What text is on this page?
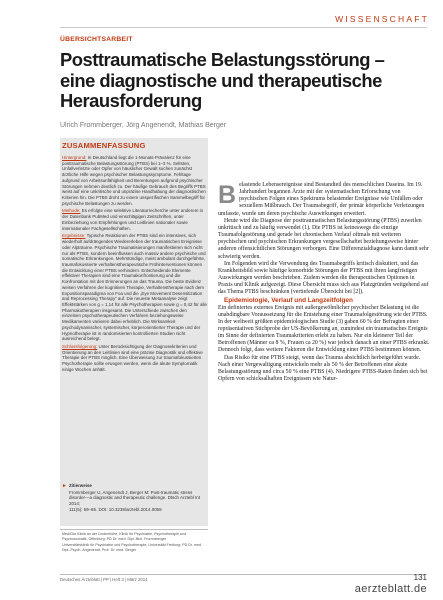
WISSENSCHAFT
ÜBERSICHTSARBEIT
Posttraumatische Belastungsstörung –
eine diagnostische und therapeutische
Herausforderung
Ulrich Frommberger, Jörg Angenendt, Mathias Berger
ZUSAMMENFASSUNG

Hintergrund: In Deutschland liegt die 1-Monats-Prävalenz für eine posttraumatische Belastungsstörung (PTBS) bei 1–3 %. Seltsten, Unfallverletzte oder Opfer von häuslicher Gewalt suchen zunächst ärztliche Hilfe wegen psychischer Belastungssymptome. Fehltage aufgrund von Arbeitsunfähigkeit und Berentungen aufgrund psychischer Störungen nehmen deutlich zu. Der häufige Gebrauch des Begriffs PTBS weist auf eine unkritische und unpräzise Handhabung der diagnostischen Kriterien hin. Die PTBS droht zu einem unspezifischen Sammelbegriff für psychische Belastungen zu werden.

Methode: Es erfolgte eine selektive Literaturrecherche unter anderem in der Datenbank PubMed und einschlägigen Zeitschriften, unter Einbeziehung von Empfehlungen und Leitlinien nationaler sowie internationaler Fachgesellschaften.

Ergebnisse: Typische Reaktionen der PTBS sind ein intensives, sich wiederholt aufdrängendes Wiedererleben der traumatischen Ereignisse oder Alpträume. Psychische Traumatisierungen manifestieren sich nicht nur als PTBS, sondern beeinflussen auch massiv andere psychische und somatische Erkrankungen. Mehrstündige, meist ambulant durchgeführte, traumafokussierte verhaltenstherapeutische Frühinterventionen können die Entwicklung einer PTBS verhindern. Entscheidende Elemente effektiver Therapien sind eine Traumakonfrontierung und die Konfrontation mit den Erinnerungen an das Trauma. Die beste Evidenz weisen Verfahren der kognitiven Therapie, Verhaltenstherapie nach dem Expositionsparadigma von Foa und die „Eye Movement Desensitization and Reprocessing Therapy“ auf. Die neueste Metaanalyse zeigt Effektstärken von g = 1,14 für alle Psychotherapien sowie g = 0,42 für alle Pharmakotherapien insgesamt. Die Unterschiede zwischen den einzelnen psychotherapeutischen Verfahren beziehungsweise Medikamenten variieren dabei erheblich. Die Wirksamkeit psychodynamischer, systemischer, körperorientierter Therapie und der Hypnotherapie ist in randomisierten kontrollierten Studien nicht ausreichend belegt.

Schlussfolgerung: Unter Berücksichtigung der Diagnosekriterien und Orientierung an den Leitlinien sind eine präzise Diagnostik und effektive Therapie der PTBS möglich. Eine Überweisung zur traumafokussierten Psychotherapie sollte erwogen werden, wenn die akute Symptomatik einige Wochen anhält.

► Zitierweise
Frommberger U, Angenendt J, Berger M: Post-traumatic stress
disorder—a diagnostic and therapeutic challenge. Dtsch Arztebl Int 2014;
111(5): 59–65. DOI: 10.3238/arztebl.2014.0059

MediClin Klinik an der Lindenhöhe, Klinik für Psychiatrie, Psychotherapie und Psychosomatik, Offenburg: PD Dr. med. Dipl.-Biol. Frommberger

Universitätsklinik für Psychiatrie und Psychotherapie, Universität Freiburg: PD Dr. med. Dipl.-Psych. Angenendt, Prof. Dr. med. Berger

Belastende Lebensereignisse sind Bestandteil des menschlichen Daseins. Im 19. Jahrhundert begannen Ärzte mit der systematischen Erforschung von psychischen Folgen eines Spektrums belastender Ereignisse wie Unfällen oder sexuellem Mißbrauch. Der Traumabegriff, der primär körperliche Verletzungen umfasste, wurde um deren psychische Auswirkungen erweitert.

Heute wird die Diagnose der posttraumatischen Belastungsstörung (PTBS) zuweilen unkritisch und zu häufig verwendet (1). Die PTBS ist keineswegs die einzige Traumafolgestörung und gerade bei chronischem Verlauf oftmals mit weiteren psychischen und psychischen Erkrankungen vergesellschaftet beziehungsweise hinter anderen offensichtlichen Störungen verborgen. Eine Differenzialdiagnose kann damit sehr schwierig werden.

Im Folgenden wird die Verwendung des Traumabegriffs kritisch diskutiert, und das Krankheitsbild sowie häufige komorbide Störungen der PTBS mit ihren langfristigen Auswirkungen werden beschrieben. Zudem werden die therapeutischen Optionen in Praxis und Klinik aufgezeigt. Diese Übersicht muss sich aus Platzgründen weitgehend auf das Thema PTBS beschränken (vertiefende Übersicht bei [2]).

Epidemiologie, Verlauf und Langzeitfolgen

Ein definiertes externes Ereignis mit außergewöhnlicher psychischer Belastung ist die unabdingbare Voraussetzung für die Entstehung einer Traumafolgestörung wie der PTBS. In der weltweit größten epidemiologischen Studie (3) gaben 60 % der Befragten einer repräsentativen Stichprobe der US-Bevölkerung an, zumindest ein traumatisches Ereignis im Sinne der definierten Traumakriterien erlebt zu haben. Nur ein kleinerer Teil der Betroffenen (Männer ca 8 %, Frauen ca 20 %) war jedoch danach an einer PTBS erkrankt. Dennoch folgt, dass weitere Faktoren die Entwicklung einer PTBS bestimmen können.

Das Risiko für eine PTBS steigt, wenn das Trauma absichtlich herbeigeführt wurde. Nach einer Vergewaltigung entwickeln mehr als 50 % der Betroffenen eine akute Belastungsstörung und circa 50 % eine PTBS (4). Niedrigere PTBS-Raten finden sich bei Opfern von schicksalhaften Ereignissen wie Natur-

Deutsches Ärzteblatt | PP | Heft 3 | März 2014	131
aerzteblatt.de
